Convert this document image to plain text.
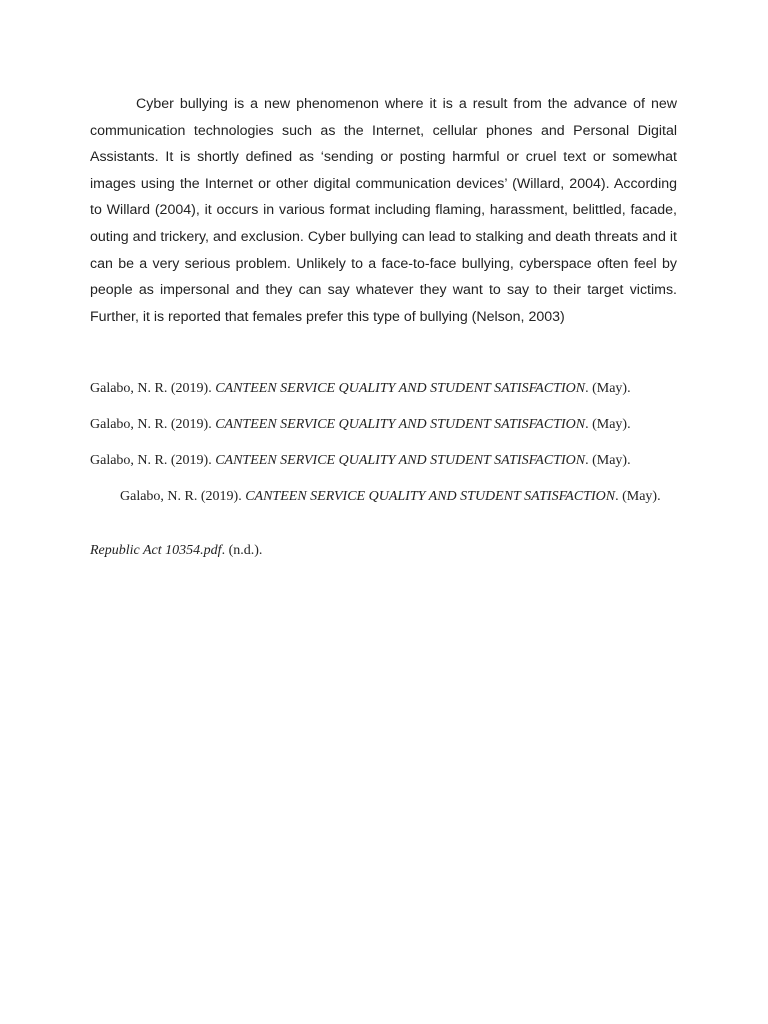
Cyber bullying is a new phenomenon where it is a result from the advance of new communication technologies such as the Internet, cellular phones and Personal Digital Assistants. It is shortly defined as ‘sending or posting harmful or cruel text or somewhat images using the Internet or other digital communication devices’ (Willard, 2004). According to Willard (2004), it occurs in various format including flaming, harassment, belittled, facade, outing and trickery, and exclusion. Cyber bullying can lead to stalking and death threats and it can be a very serious problem. Unlikely to a face-to-face bullying, cyberspace often feel by people as impersonal and they can say whatever they want to say to their target victims. Further, it is reported that females prefer this type of bullying (Nelson, 2003)

Galabo, N. R. (2019). CANTEEN SERVICE QUALITY AND STUDENT SATISFACTION. (May).

Galabo, N. R. (2019). CANTEEN SERVICE QUALITY AND STUDENT SATISFACTION. (May).

Galabo, N. R. (2019). CANTEEN SERVICE QUALITY AND STUDENT SATISFACTION. (May).

Galabo, N. R. (2019). CANTEEN SERVICE QUALITY AND STUDENT SATISFACTION. (May).

Republic Act 10354.pdf. (n.d.).
